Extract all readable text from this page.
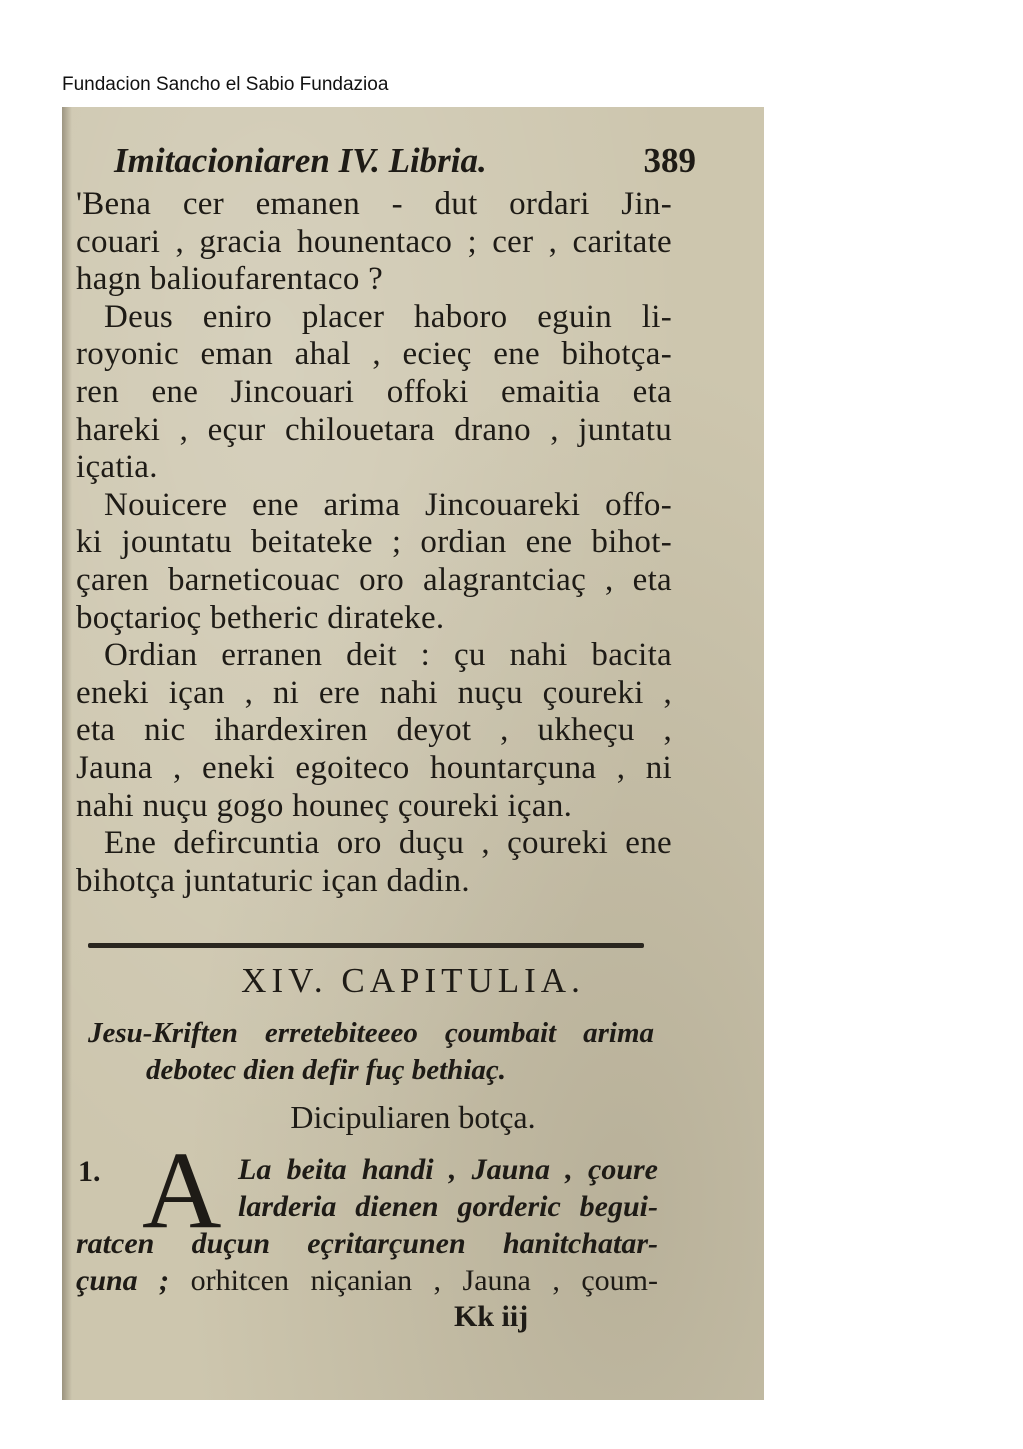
Fundacion Sancho el Sabio Fundazioa
Imitacioniaren IV. Libria.	389
'Bena cer emanen - dut ordari Jin-
couari , gracia hounentaco ; cer , caritate
hagn balioufarentaco ?
Deus eniro placer haboro eguin li-
royonic eman ahal , ecieç ene bihotça-
ren ene Jincouari offoki emaitia eta
hareki , eçur chilouetara drano , juntatu
içatia.
Nouicere ene arima Jincouareki offo-
ki jountatu beitateke ; ordian ene bihot-
çaren barneticouac oro alagrantciaç , eta
boçtarioç betheric dirateke.
Ordian erranen deit : çu nahi bacita
eneki içan , ni ere nahi nuçu çoureki ,
eta nic ihardexiren deyot , ukheçu ,
Jauna , eneki egoiteco hountarçuna , ni
nahi nuçu gogo houneç çoureki içan.
Ene defircuntia oro duçu , çoureki ene
bihotça juntaturic içan dadin.
XIV. CAPITULIA.
Jesu-Kriften erretebiteeeo çoumbait arima
debotec dien defir fuç bethiaç.
Dicipuliaren botça.
1. A La beita handi , Jauna , çoure
larderia dienen gorderic begui-
ratcen duçun eçritarçunen hanitchatar-
çuna ; orhitcen niçanian , Jauna , çoum-
Kk iij
